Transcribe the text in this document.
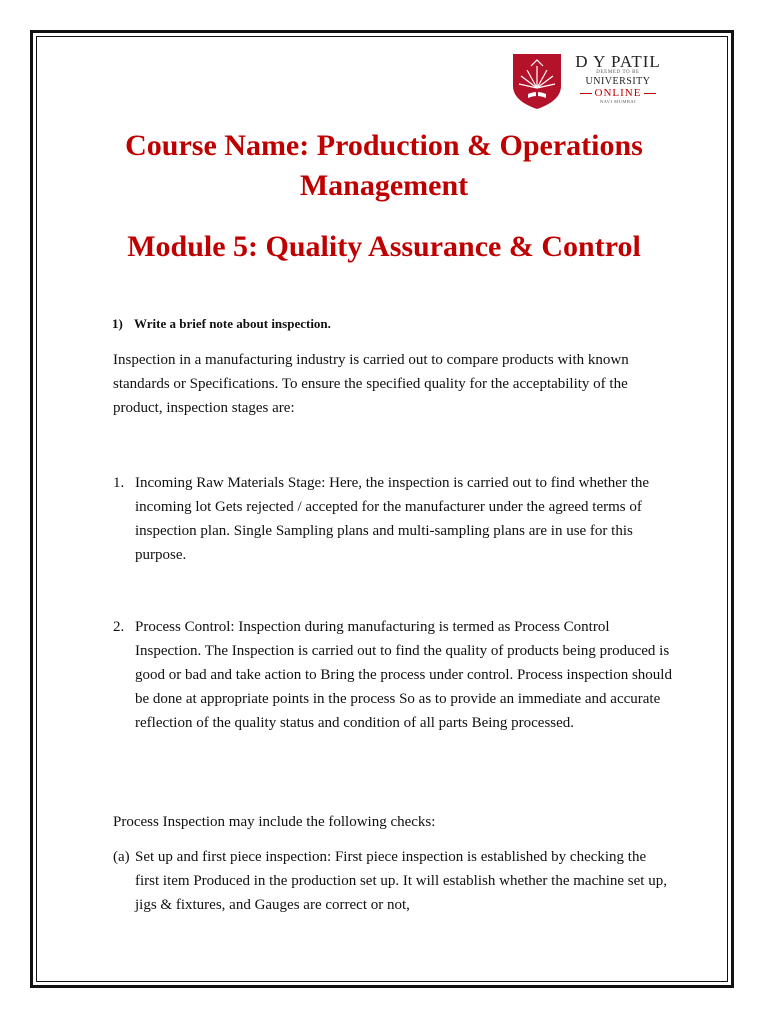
D Y PATIL
DEEMED TO BE
UNIVERSITY
ONLINE
NAVI MUMBAI
Course Name: Production & Operations Management
Module 5: Quality Assurance & Control

1) Write a brief note about inspection.

Inspection in a manufacturing industry is carried out to compare products with known standards or Specifications. To ensure the specified quality for the acceptability of the product, inspection stages are:

1. Incoming Raw Materials Stage: Here, the inspection is carried out to find whether the incoming lot Gets rejected / accepted for the manufacturer under the agreed terms of inspection plan. Single Sampling plans and multi-sampling plans are in use for this purpose.
2. Process Control: Inspection during manufacturing is termed as Process Control Inspection. The Inspection is carried out to find the quality of products being produced is good or bad and take action to Bring the process under control. Process inspection should be done at appropriate points in the process So as to provide an immediate and accurate reflection of the quality status and condition of all parts Being processed.

Process Inspection may include the following checks:

(a) Set up and first piece inspection: First piece inspection is established by checking the first item Produced in the production set up. It will establish whether the machine set up, jigs & fixtures, and Gauges are correct or not,
